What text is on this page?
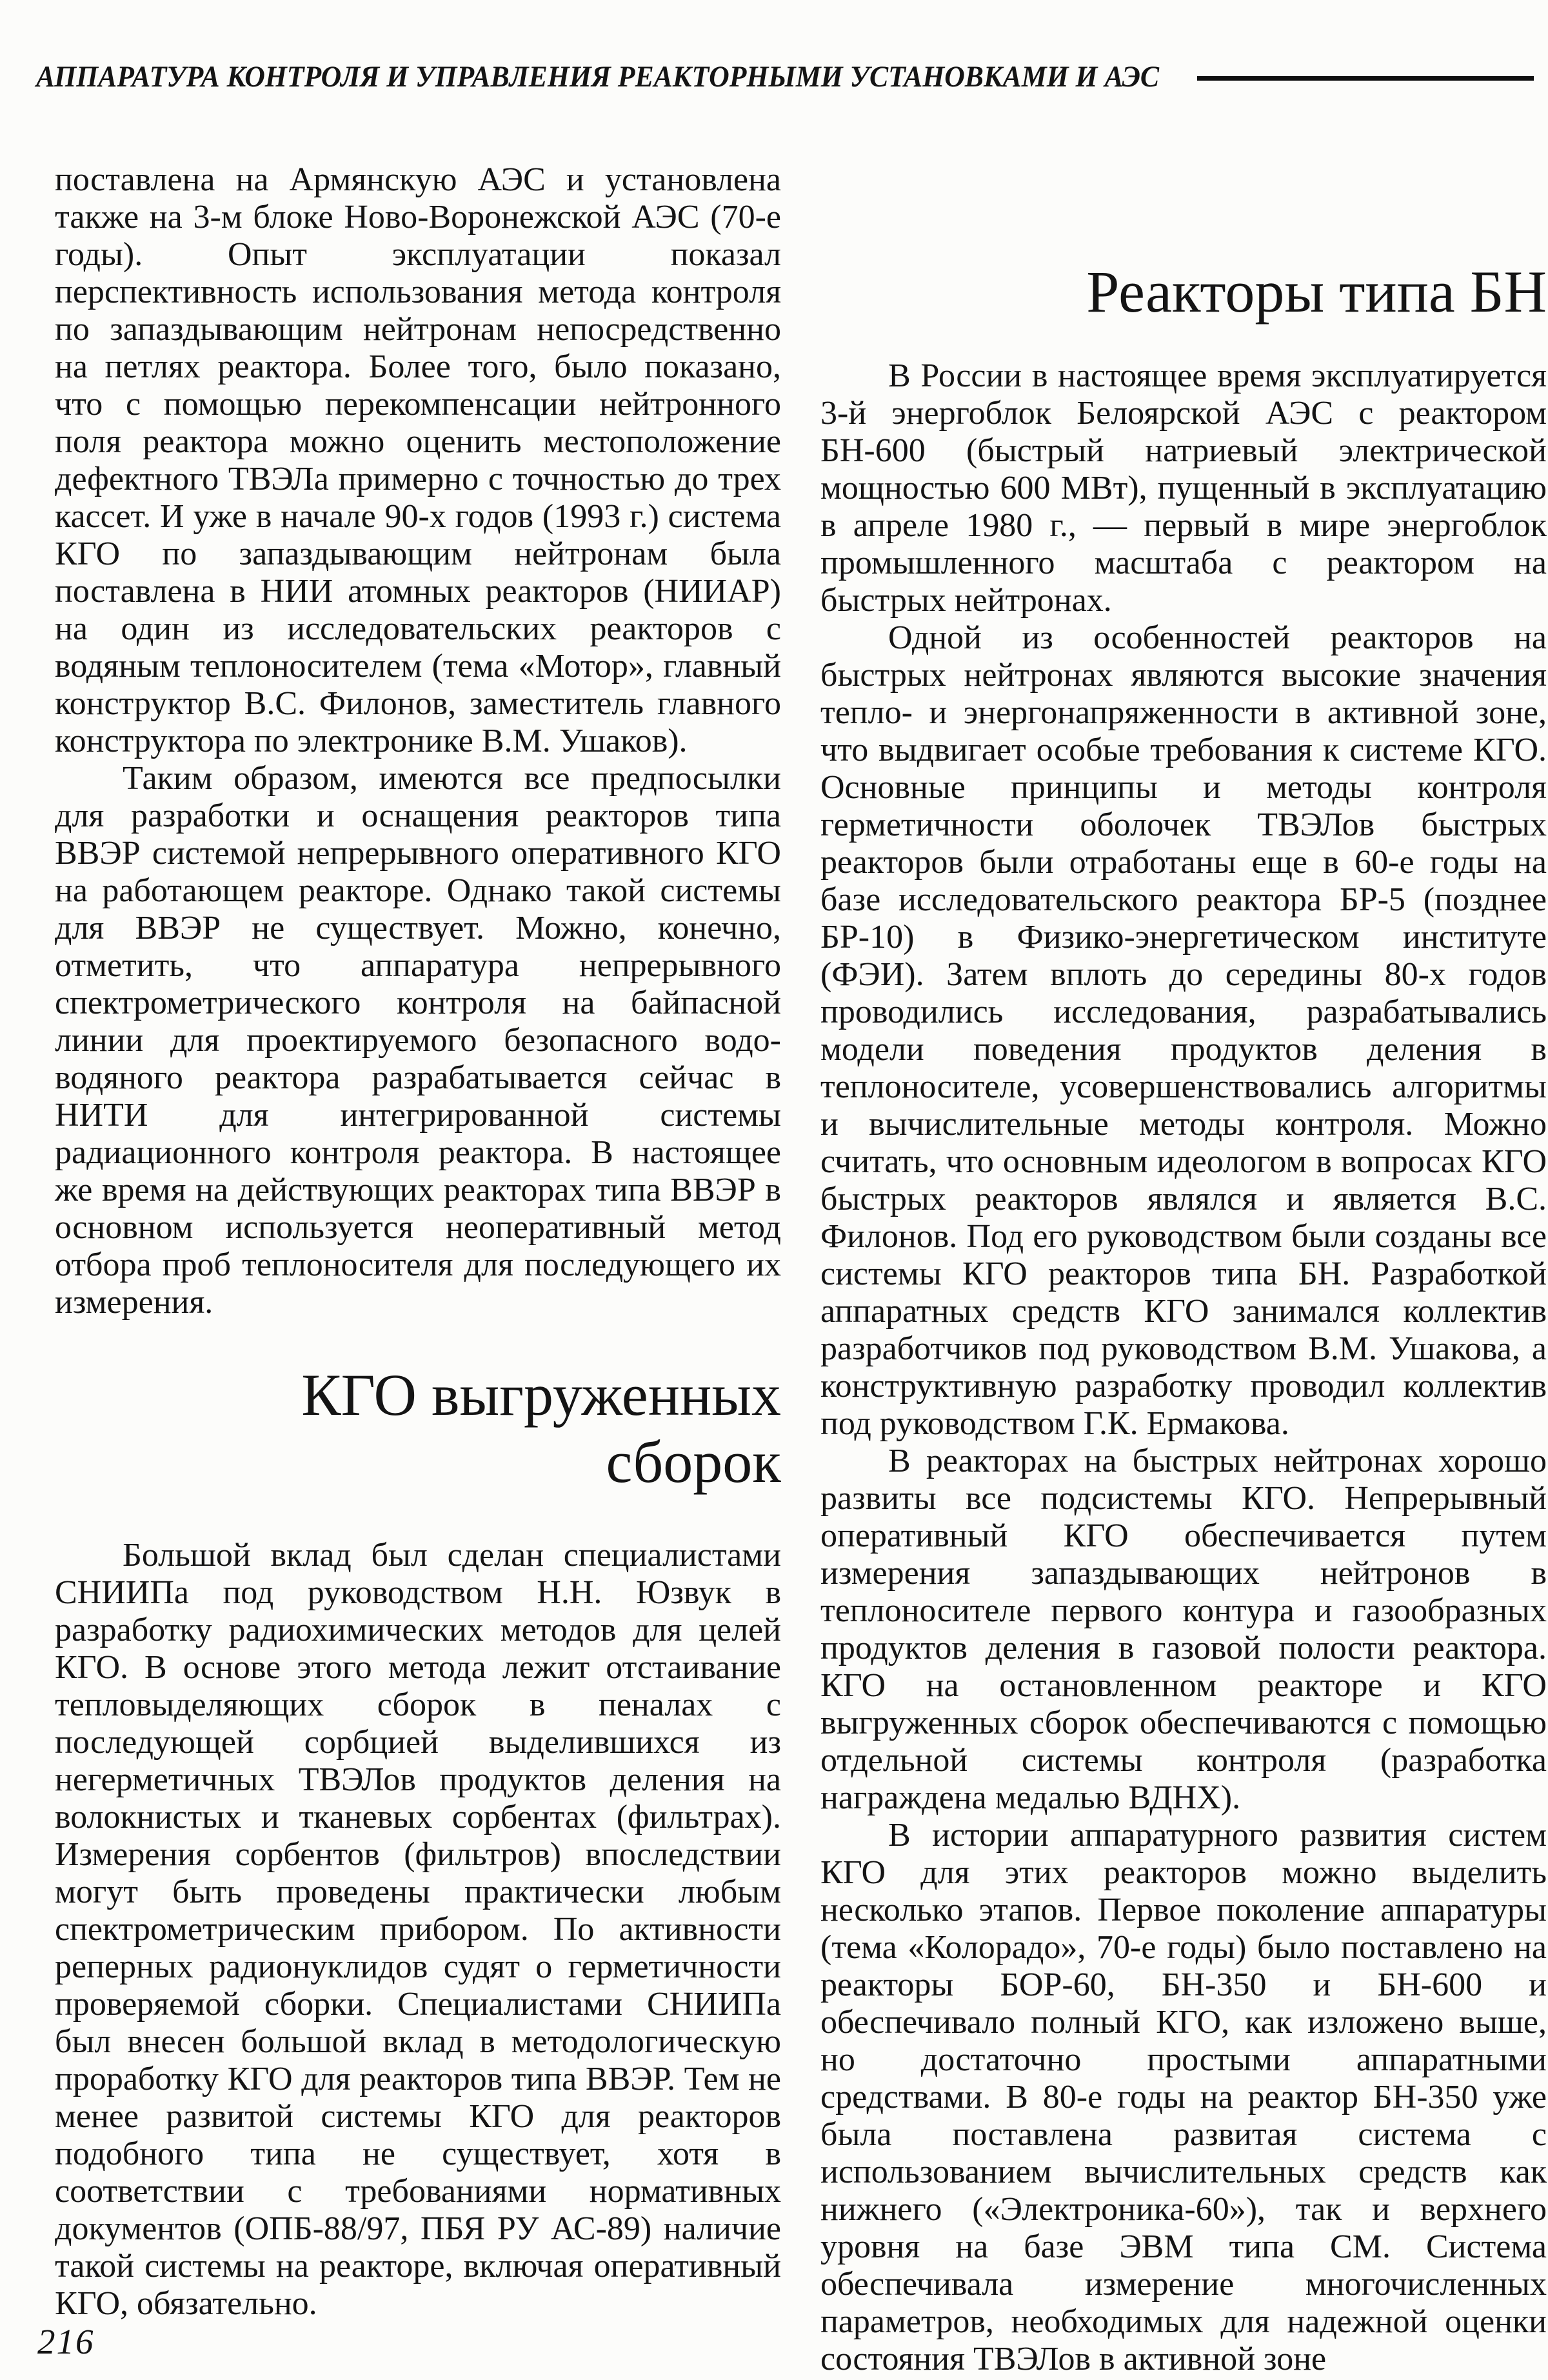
АППАРАТУРА КОНТРОЛЯ И УПРАВЛЕНИЯ РЕАКТОРНЫМИ УСТАНОВКАМИ И АЭС

поставлена на Армянскую АЭС и установлена также на 3-м блоке Ново-Воронежской АЭС (70-е годы). Опыт эксплуатации показал перспективность использования метода контроля по запаздывающим нейтронам непосредственно на петлях реактора. Более того, было показано, что с помощью перекомпенсации нейтронного поля реактора можно оценить местоположение дефектного ТВЭЛа примерно с точностью до трех кассет. И уже в начале 90-х годов (1993 г.) система КГО по запаздывающим нейтронам была поставлена в НИИ атомных реакторов (НИИАР) на один из исследовательских реакторов с водяным теплоносителем (тема «Мотор», главный конструктор В.С. Филонов, заместитель главного конструктора по электронике В.М. Ушаков).

Таким образом, имеются все предпосылки для разработки и оснащения реакторов типа ВВЭР системой непрерывного оперативного КГО на работающем реакторе. Однако такой системы для ВВЭР не существует. Можно, конечно, отметить, что аппаратура непрерывного спектрометрического контроля на байпасной линии для проектируемого безопасного водо-водяного реактора разрабатывается сейчас в НИТИ для интегрированной системы радиационного контроля реактора. В настоящее же время на действующих реакторах типа ВВЭР в основном используется неоперативный метод отбора проб теплоносителя для последующего их измерения.

КГО выгруженных сборок

Большой вклад был сделан специалистами СНИИПа под руководством Н.Н. Юзвук в разработку радиохимических методов для целей КГО. В основе этого метода лежит отстаивание тепловыделяющих сборок в пеналах с последующей сорбцией выделившихся из негерметичных ТВЭЛов продуктов деления на волокнистых и тканевых сорбентах (фильтрах). Измерения сорбентов (фильтров) впоследствии могут быть проведены практически любым спектрометрическим прибором. По активности реперных радионуклидов судят о герметичности проверяемой сборки. Специалистами СНИИПа был внесен большой вклад в методологическую проработку КГО для реакторов типа ВВЭР. Тем не менее развитой системы КГО для реакторов подобного типа не существует, хотя в соответствии с требованиями нормативных документов (ОПБ-88/97, ПБЯ РУ АС-89) наличие такой системы на реакторе, включая оперативный КГО, обязательно.

Реакторы типа БН

В России в настоящее время эксплуатируется 3-й энергоблок Белоярской АЭС с реактором БН-600 (быстрый натриевый электрической мощностью 600 МВт), пущенный в эксплуатацию в апреле 1980 г., — первый в мире энергоблок промышленного масштаба с реактором на быстрых нейтронах.

Одной из особенностей реакторов на быстрых нейтронах являются высокие значения тепло- и энергонапряженности в активной зоне, что выдвигает особые требования к системе КГО. Основные принципы и методы контроля герметичности оболочек ТВЭЛов быстрых реакторов были отработаны еще в 60-е годы на базе исследовательского реактора БР-5 (позднее БР-10) в Физико-энергетическом институте (ФЭИ). Затем вплоть до середины 80-х годов проводились исследования, разрабатывались модели поведения продуктов деления в теплоносителе, усовершенствовались алгоритмы и вычислительные методы контроля. Можно считать, что основным идеологом в вопросах КГО быстрых реакторов являлся и является В.С. Филонов. Под его руководством были созданы все системы КГО реакторов типа БН. Разработкой аппаратных средств КГО занимался коллектив разработчиков под руководством В.М. Ушакова, а конструктивную разработку проводил коллектив под руководством Г.К. Ермакова.

В реакторах на быстрых нейтронах хорошо развиты все подсистемы КГО. Непрерывный оперативный КГО обеспечивается путем измерения запаздывающих нейтронов в теплоносителе первого контура и газообразных продуктов деления в газовой полости реактора. КГО на остановленном реакторе и КГО выгруженных сборок обеспечиваются с помощью отдельной системы контроля (разработка награждена медалью ВДНХ).

В истории аппаратурного развития систем КГО для этих реакторов можно выделить несколько этапов. Первое поколение аппаратуры (тема «Колорадо», 70-е годы) было поставлено на реакторы БОР-60, БН-350 и БН-600 и обеспечивало полный КГО, как изложено выше, но достаточно простыми аппаратными средствами. В 80-е годы на реактор БН-350 уже была поставлена развитая система с использованием вычислительных средств как нижнего («Электроника-60»), так и верхнего уровня на базе ЭВМ типа СМ. Система обеспечивала измерение многочисленных параметров, необходимых для надежной оценки состояния ТВЭЛов в активной зоне

216
